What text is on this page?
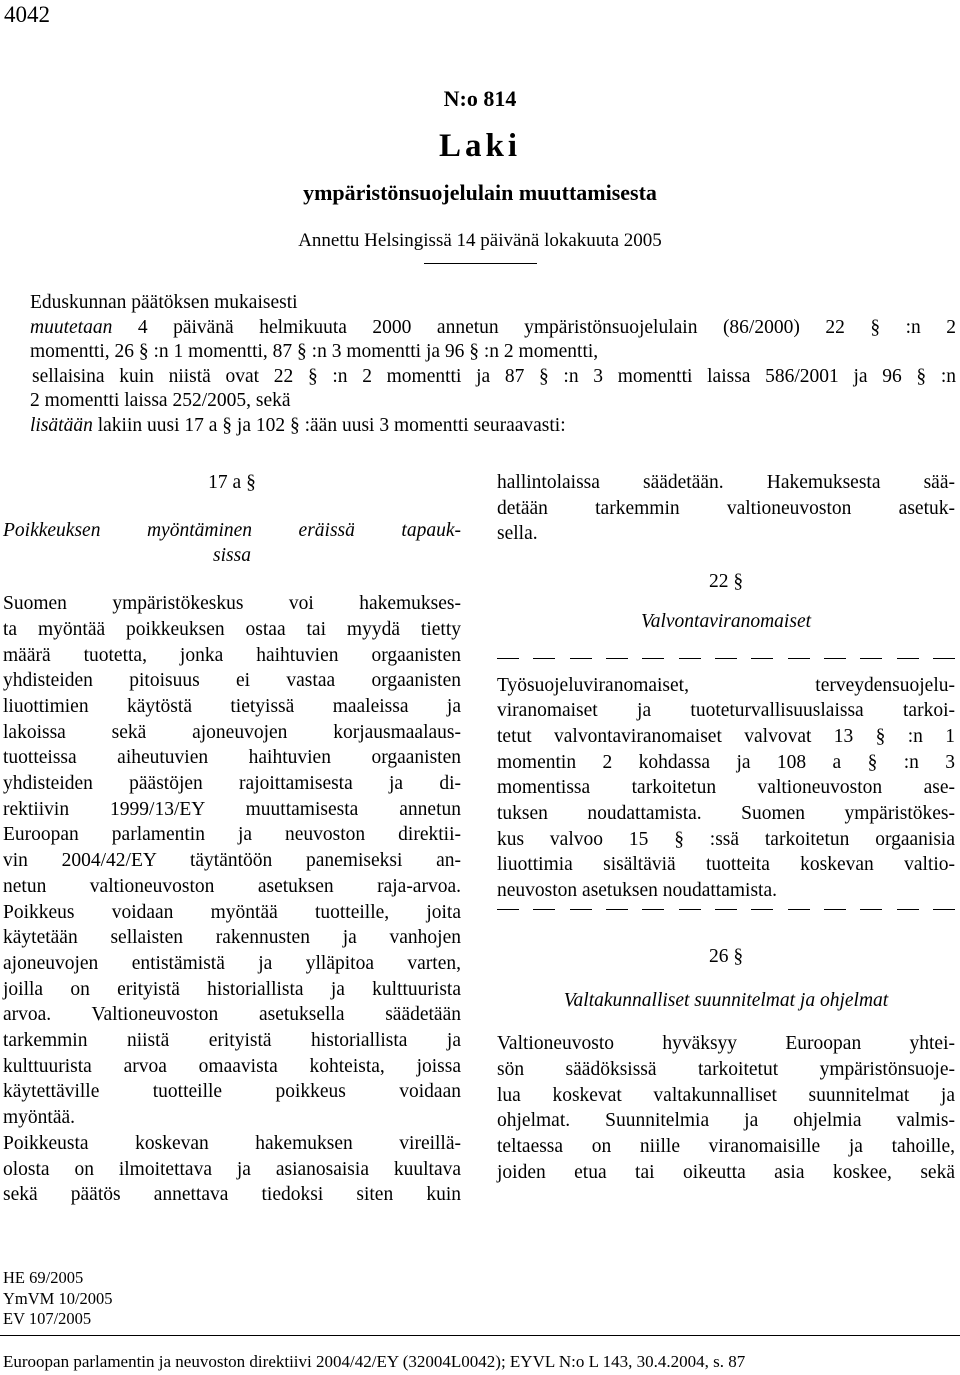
4042
N:o 814
Laki
ympäristönsuojelulain muuttamisesta
Annettu Helsingissä 14 päivänä lokakuuta 2005
Eduskunnan päätöksen mukaisesti
muutetaan 4 päivänä helmikuuta 2000 annetun ympäristönsuojelulain (86/2000) 22 § :n 2
momentti, 26 § :n 1 momentti, 87 § :n 3 momentti ja 96 § :n 2 momentti,
sellaisina kuin niistä ovat 22 § :n 2 momentti ja 87 § :n 3 momentti laissa 586/2001 ja 96 § :n
2 momentti laissa 252/2005, sekä
lisätään lakiin uusi 17 a § ja 102 § :ään uusi 3 momentti seuraavasti:
17 a §
Poikkeuksen myöntäminen eräissä tapauk-
sissa
Suomen ympäristökeskus voi hakemukses-
ta myöntää poikkeuksen ostaa tai myydä tietty
määrä tuotetta, jonka haihtuvien orgaanisten
yhdisteiden pitoisuus ei vastaa orgaanisten
liuottimien käytöstä tietyissä maaleissa ja
lakoissa sekä ajoneuvojen korjausmaalaus-
tuotteissa aiheutuvien haihtuvien orgaanisten
yhdisteiden päästöjen rajoittamisesta ja di-
rektiivin 1999/13/EY muuttamisesta annetun
Euroopan parlamentin ja neuvoston direktii-
vin 2004/42/EY täytäntöön panemiseksi an-
netun valtioneuvoston asetuksen raja-arvoa.
Poikkeus voidaan myöntää tuotteille, joita
käytetään sellaisten rakennusten ja vanhojen
ajoneuvojen entistämistä ja ylläpitoa varten,
joilla on erityistä historiallista ja kulttuurista
arvoa. Valtioneuvoston asetuksella säädetään
tarkemmin niistä erityistä historiallista ja
kulttuurista arvoa omaavista kohteista, joissa
käytettäville tuotteille poikkeus voidaan
myöntää.
Poikkeusta koskevan hakemuksen vireillä-
olosta on ilmoitettava ja asianosaisia kuultava
sekä päätös annettava tiedoksi siten kuin
hallintolaissa säädetään. Hakemuksesta sää-
detään tarkemmin valtioneuvoston asetuk-
sella.
22 §
Valvontaviranomaiset
Työsuojeluviranomaiset, terveydensuojelu-
viranomaiset ja tuoteturvallisuuslaissa tarkoi-
tetut valvontaviranomaiset valvovat 13 § :n 1
momentin 2 kohdassa ja 108 a § :n 3
momentissa tarkoitetun valtioneuvoston ase-
tuksen noudattamista. Suomen ympäristökes-
kus valvoo 15 § :ssä tarkoitetun orgaanisia
liuottimia sisältäviä tuotteita koskevan valtio-
neuvoston asetuksen noudattamista.
26 §
Valtakunnalliset suunnitelmat ja ohjelmat
Valtioneuvosto hyväksyy Euroopan yhtei-
sön säädöksissä tarkoitetut ympäristönsuoje-
lua koskevat valtakunnalliset suunnitelmat ja
ohjelmat. Suunnitelmia ja ohjelmia valmis-
teltaessa on niille viranomaisille ja tahoille,
joiden etua tai oikeutta asia koskee, sekä
HE 69/2005
YmVM 10/2005
EV 107/2005
Euroopan parlamentin ja neuvoston direktiivi 2004/42/EY (32004L0042); EYVL N:o L 143, 30.4.2004, s. 87
